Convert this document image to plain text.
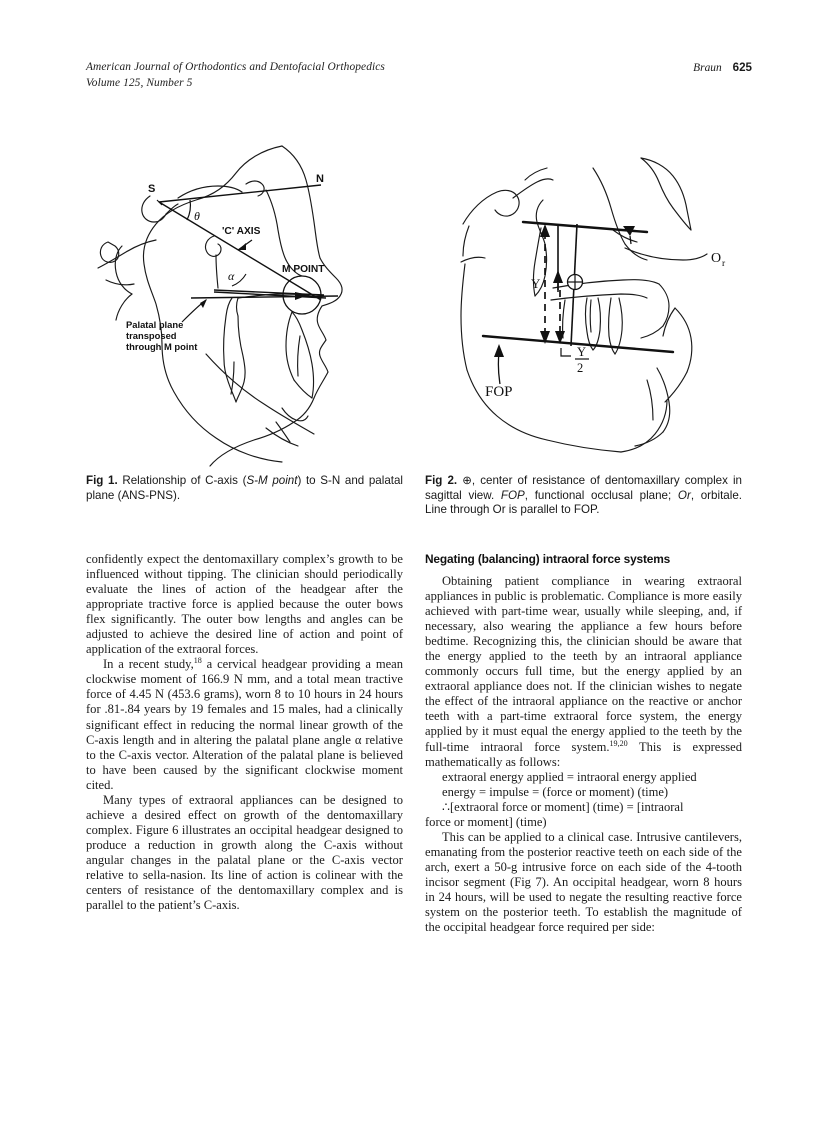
American Journal of Orthodontics and Dentofacial Orthopedics
Volume 125, Number 5
Braun 625
S
N
θ
α
'C' AXIS
M POINT
Palatal plane
transposed
through M point
Y
Y
2
FOP
O r
Fig 1. Relationship of C-axis (S-M point) to S-N and palatal plane (ANS-PNS).
Fig 2. ⊕, center of resistance of dentomaxillary complex in sagittal view. FOP, functional occlusal plane; Or, orbitale. Line through Or is parallel to FOP.

confidently expect the dentomaxillary complex’s growth to be influenced without tipping. The clinician should periodically evaluate the lines of action of the headgear after the appropriate tractive force is applied because the outer bows flex significantly. The outer bow lengths and angles can be adjusted to achieve the desired line of action and point of application of the extraoral forces.

In a recent study,$^{18}$ a cervical headgear providing a mean clockwise moment of 166.9 N mm, and a total mean tractive force of 4.45 N (453.6 grams), worn 8 to 10 hours in 24 hours for .81-.84 years by 19 females and 15 males, had a clinically significant effect in reducing the normal linear growth of the C-axis length and in altering the palatal plane angle α relative to the C-axis vector. Alteration of the palatal plane is believed to have been caused by the significant clockwise moment cited.

Many types of extraoral appliances can be designed to achieve a desired effect on growth of the dentomaxillary complex. Figure 6 illustrates an occipital headgear designed to produce a reduction in growth along the C-axis without angular changes in the palatal plane or the C-axis vector relative to sella-nasion. Its line of action is colinear with the centers of resistance of the dentomaxillary complex and is parallel to the patient’s C-axis.

Negating (balancing) intraoral force systems

Obtaining patient compliance in wearing extraoral appliances in public is problematic. Compliance is more easily achieved with part-time wear, usually while sleeping, and, if necessary, also wearing the appliance a few hours before bedtime. Recognizing this, the clinician should be aware that the energy applied to the teeth by an intraoral appliance commonly occurs full time, but the energy applied by an extraoral appliance does not. If the clinician wishes to negate the effect of the intraoral appliance on the reactive or anchor teeth with a part-time extraoral force system, the energy applied by it must equal the energy applied to the teeth by the full-time intraoral force system.$^{19,20}$ This is expressed mathematically as follows:

extraoral energy applied = intraoral energy applied

energy = impulse = (force or moment) (time)

∴[extraoral force or moment] (time) = [intraoral

force or moment] (time)

This can be applied to a clinical case. Intrusive cantilevers, emanating from the posterior reactive teeth on each side of the arch, exert a 50-g intrusive force on each side of the 4-tooth incisor segment (Fig 7). An occipital headgear, worn 8 hours in 24 hours, will be used to negate the resulting reactive force system on the posterior teeth. To establish the magnitude of the occipital headgear force required per side:
